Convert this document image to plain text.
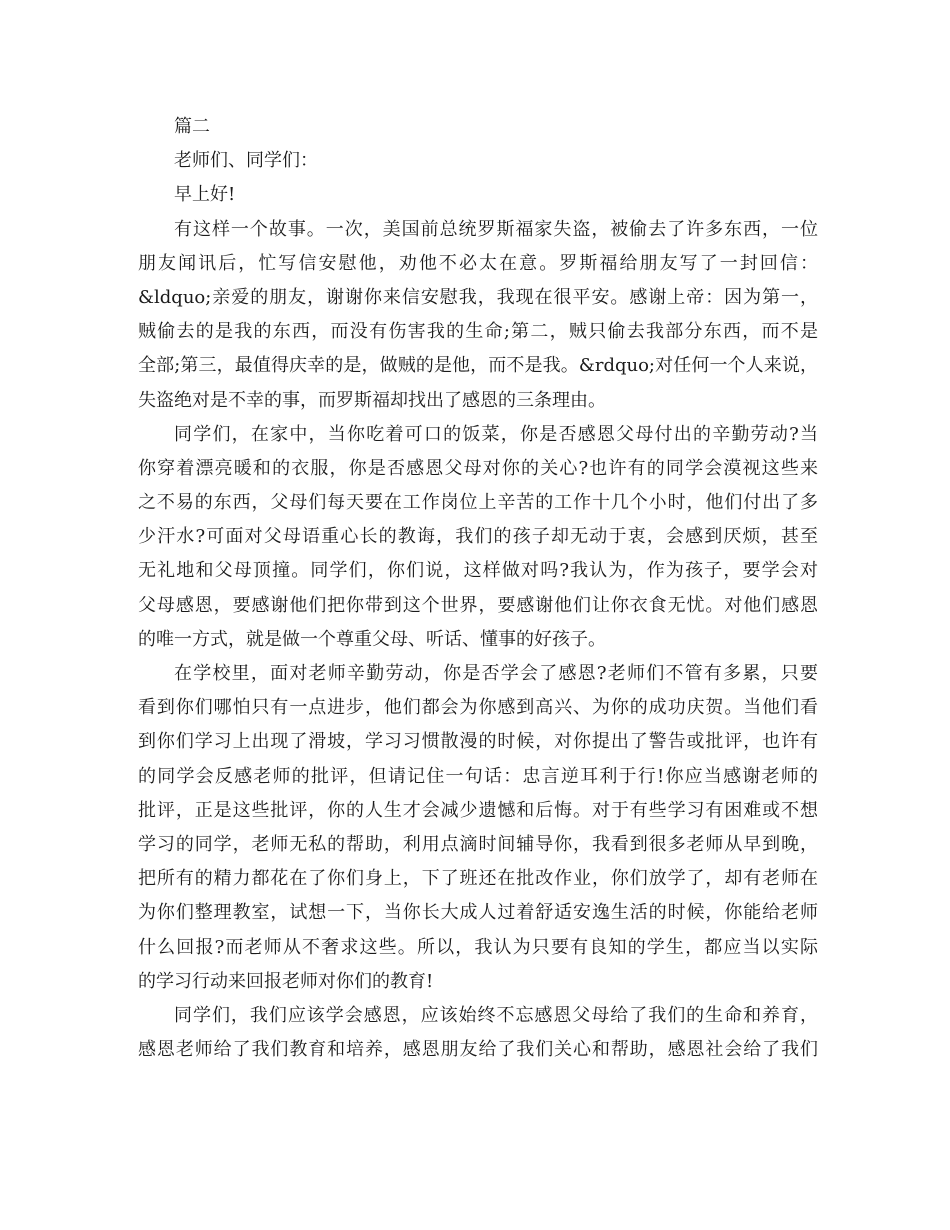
篇二
老师们、同学们：
早上好!
有这样一个故事。一次，美国前总统罗斯福家失盗，被偷去了许多东西，一位
朋友闻讯后，忙写信安慰他，劝他不必太在意。罗斯福给朋友写了一封回信：
&ldquo;亲爱的朋友，谢谢你来信安慰我，我现在很平安。感谢上帝：因为第一，
贼偷去的是我的东西，而没有伤害我的生命;第二，贼只偷去我部分东西，而不是
全部;第三，最值得庆幸的是，做贼的是他，而不是我。&rdquo;对任何一个人来说，
失盗绝对是不幸的事，而罗斯福却找出了感恩的三条理由。
同学们，在家中，当你吃着可口的饭菜，你是否感恩父母付出的辛勤劳动?当
你穿着漂亮暖和的衣服，你是否感恩父母对你的关心?也许有的同学会漠视这些来
之不易的东西，父母们每天要在工作岗位上辛苦的工作十几个小时，他们付出了多
少汗水?可面对父母语重心长的教诲，我们的孩子却无动于衷，会感到厌烦，甚至
无礼地和父母顶撞。同学们，你们说，这样做对吗?我认为，作为孩子，要学会对
父母感恩，要感谢他们把你带到这个世界，要感谢他们让你衣食无忧。对他们感恩
的唯一方式，就是做一个尊重父母、听话、懂事的好孩子。
在学校里，面对老师辛勤劳动，你是否学会了感恩?老师们不管有多累，只要
看到你们哪怕只有一点进步，他们都会为你感到高兴、为你的成功庆贺。当他们看
到你们学习上出现了滑坡，学习习惯散漫的时候，对你提出了警告或批评，也许有
的同学会反感老师的批评，但请记住一句话：忠言逆耳利于行!你应当感谢老师的
批评，正是这些批评，你的人生才会减少遗憾和后悔。对于有些学习有困难或不想
学习的同学，老师无私的帮助，利用点滴时间辅导你，我看到很多老师从早到晚，
把所有的精力都花在了你们身上，下了班还在批改作业，你们放学了，却有老师在
为你们整理教室，试想一下，当你长大成人过着舒适安逸生活的时候，你能给老师
什么回报?而老师从不奢求这些。所以，我认为只要有良知的学生，都应当以实际
的学习行动来回报老师对你们的教育!
同学们，我们应该学会感恩，应该始终不忘感恩父母给了我们的生命和养育，
感恩老师给了我们教育和培养，感恩朋友给了我们关心和帮助，感恩社会给了我们
